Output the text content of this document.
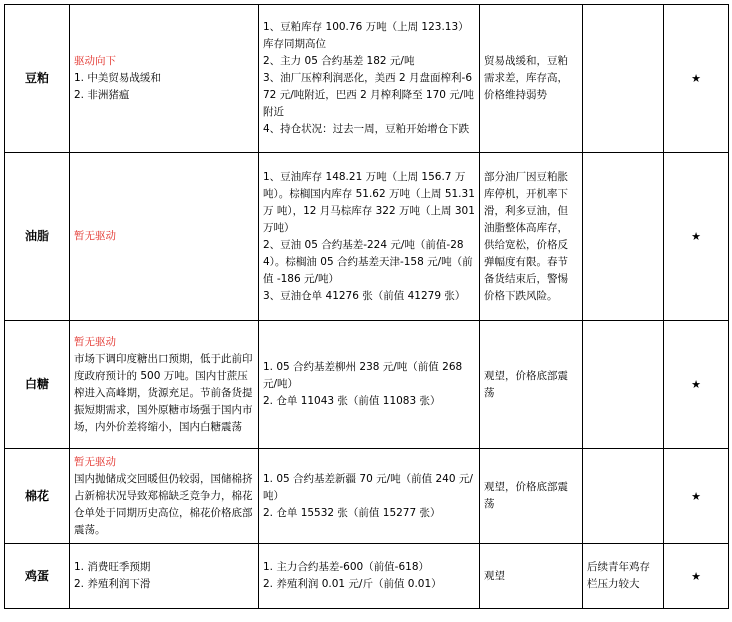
豆粕	驱动向下
1. 中美贸易战缓和
2. 非洲猪瘟	1、豆粕库存 100.76 万吨（上周 123.13）库存同期高位
2、主力 05 合约基差 182 元/吨
3、油厂压榨利润恶化，美西 2 月盘面榨利-672 元/吨附近，巴西 2 月榨利降至 170 元/吨附近
4、持仓状况：过去一周，豆粕开始增仓下跌	贸易战缓和，豆粕需求差，库存高，价格维持弱势		★
油脂	暂无驱动	1、豆油库存 148.21 万吨（上周 156.7 万吨）。棕榈国内库存 51.62 万吨（上周 51.31 万 吨），12 月马棕库存 322 万吨（上周 301 万吨）
2、豆油 05 合约基差-224 元/吨（前值-284）。棕榈油 05 合约基差天津-158 元/吨（前值 -186 元/吨）
3、豆油仓单 41276 张（前值 41279 张）	部分油厂因豆粕胀库停机，开机率下滑，利多豆油，但油脂整体高库存，供给宽松，价格反弹幅度有限。春节备货结束后，警惕价格下跌风险。		★
白糖	暂无驱动
市场下调印度糖出口预期，低于此前印度政府预计的 500 万吨。国内甘蔗压榨进入高峰期，货源充足。节前备货提振短期需求，国外原糖市场强于国内市场，内外价差将缩小，国内白糖震荡	1. 05 合约基差柳州 238 元/吨（前值 268 元/吨）
2. 仓单 11043 张（前值 11083 张）	观望，价格底部震荡		★
棉花	暂无驱动
国内抛储成交回暖但仍较弱，国储棉挤占新棉状况导致郑棉缺乏竞争力，棉花仓单处于同期历史高位，棉花价格底部震荡。	1. 05 合约基差新疆 70 元/吨（前值 240 元/吨）
2. 仓单 15532 张（前值 15277 张）	观望，价格底部震荡		★
鸡蛋	1. 消费旺季预期
2. 养殖利润下滑	1. 主力合约基差-600（前值-618）
2. 养殖利润 0.01 元/斤（前值 0.01）	观望	后续青年鸡存栏压力较大	★
